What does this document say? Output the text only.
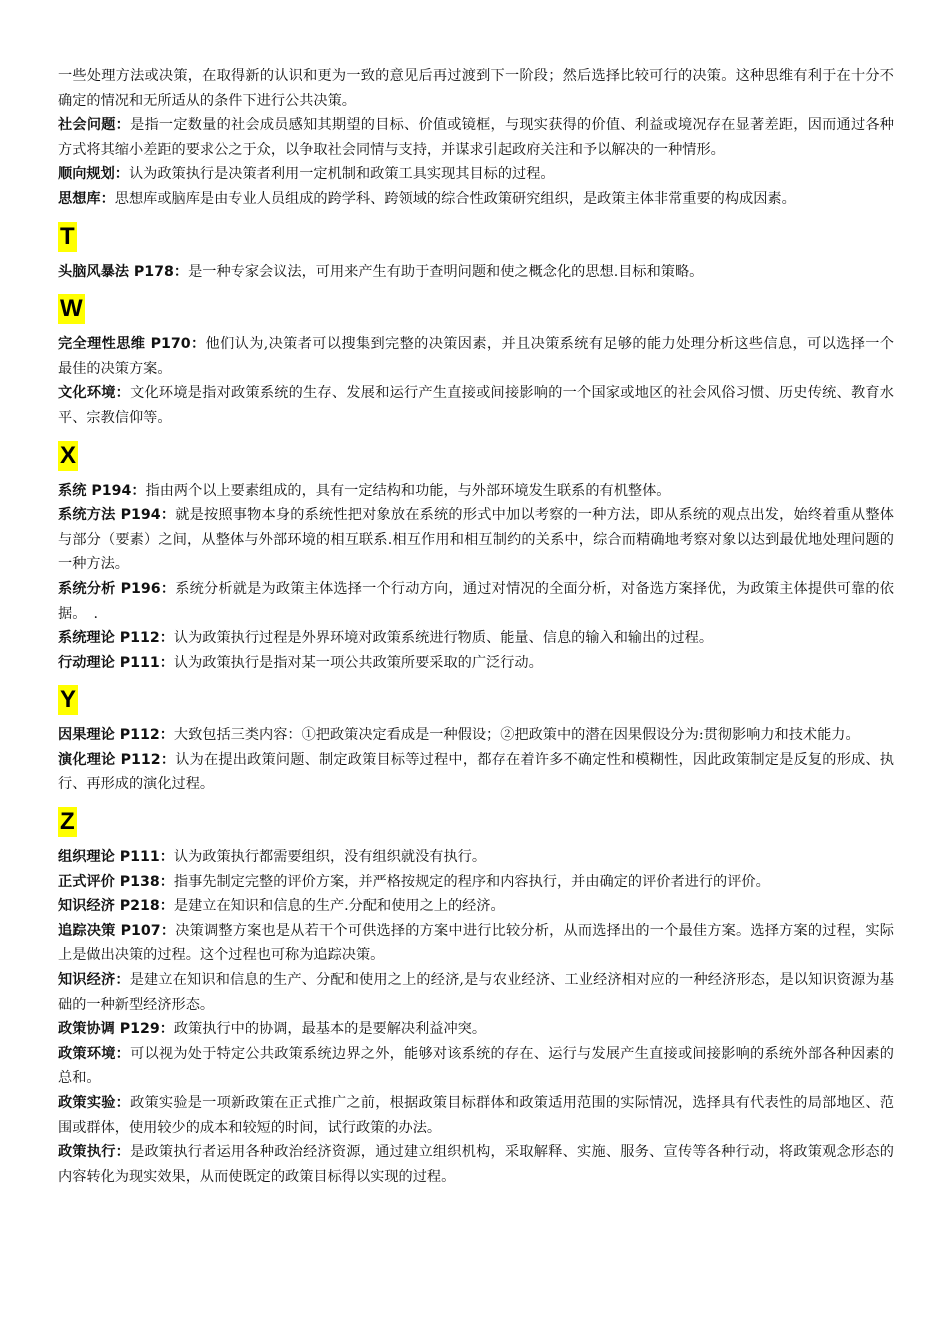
一些处理方法或决策，在取得新的认识和更为一致的意见后再过渡到下一阶段；然后选择比较可行的决策。这种思维有利于在十分不确定的情况和无所适从的条件下进行公共决策。

社会问题：是指一定数量的社会成员感知其期望的目标、价值或镜框，与现实获得的价值、利益或境况存在显著差距，因而通过各种方式将其缩小差距的要求公之于众，以争取社会同情与支持，并谋求引起政府关注和予以解决的一种情形。

顺向规划：认为政策执行是决策者利用一定机制和政策工具实现其目标的过程。

思想库：思想库或脑库是由专业人员组成的跨学科、跨领域的综合性政策研究组织，是政策主体非常重要的构成因素。

T

头脑风暴法 P178：是一种专家会议法，可用来产生有助于查明问题和使之概念化的思想.目标和策略。

W

完全理性思维 P170：他们认为,决策者可以搜集到完整的决策因素，并且决策系统有足够的能力处理分析这些信息，可以选择一个　　最佳的决策方案。

文化环境：文化环境是指对政策系统的生存、发展和运行产生直接或间接影响的一个国家或地区的社会风俗习惯、历史传统、教育水平、宗教信仰等。

X

系统 P194：指由两个以上要素组成的，具有一定结构和功能，与外部环境发生联系的有机整体。

系统方法 P194：就是按照事物本身的系统性把对象放在系统的形式中加以考察的一种方法，即从系统的观点出发，始终着重从整体与部分（要素）之间，从整体与外部环境的相互联系.相互作用和相互制约的关系中，综合而精确地考察对象以达到最优地处理问题的一种方法。

系统分析 P196：系统分析就是为政策主体选择一个行动方向，通过对情况的全面分析，对备选方案择优，为政策主体提供可靠的依据。　.

系统理论 P112：认为政策执行过程是外界环境对政策系统进行物质、能量、信息的输入和输出的过程。

行动理论 P111：认为政策执行是指对某一项公共政策所要采取的广泛行动。

Y

因果理论 P112：大致包括三类内容：①把政策决定看成是一种假设；②把政策中的潜在因果假设分为:贯彻影响力和技术能力。

演化理论 P112：认为在提出政策问题、制定政策目标等过程中，都存在着许多不确定性和模糊性，因此政策制定是反复的形成、执行、再形成的演化过程。

Z

组织理论 P111：认为政策执行都需要组织，没有组织就没有执行。

正式评价 P138：指事先制定完整的评价方案，并严格按规定的程序和内容执行，并由确定的评价者进行的评价。

知识经济 P218：是建立在知识和信息的生产.分配和使用之上的经济。

追踪决策 P107：决策调整方案也是从若干个可供选择的方案中进行比较分析，从而选择出的一个最佳方案。选择方案的过程，实际上是做出决策的过程。这个过程也可称为追踪决策。

知识经济：是建立在知识和信息的生产、分配和使用之上的经济,是与农业经济、工业经济相对应的一种经济形态，是以知识资源为基础的一种新型经济形态。

政策协调 P129：政策执行中的协调，最基本的是要解决利益冲突。

政策环境：可以视为处于特定公共政策系统边界之外，能够对该系统的存在、运行与发展产生直接或间接影响的系统外部各种因素的总和。

政策实验：政策实验是一项新政策在正式推广之前，根据政策目标群体和政策适用范围的实际情况，选择具有代表性的局部地区、范围或群体，使用较少的成本和较短的时间，试行政策的办法。

政策执行：是政策执行者运用各种政治经济资源，通过建立组织机构，采取解释、实施、服务、宣传等各种行动，将政策观念形态的内容转化为现实效果，从而使既定的政策目标得以实现的过程。
